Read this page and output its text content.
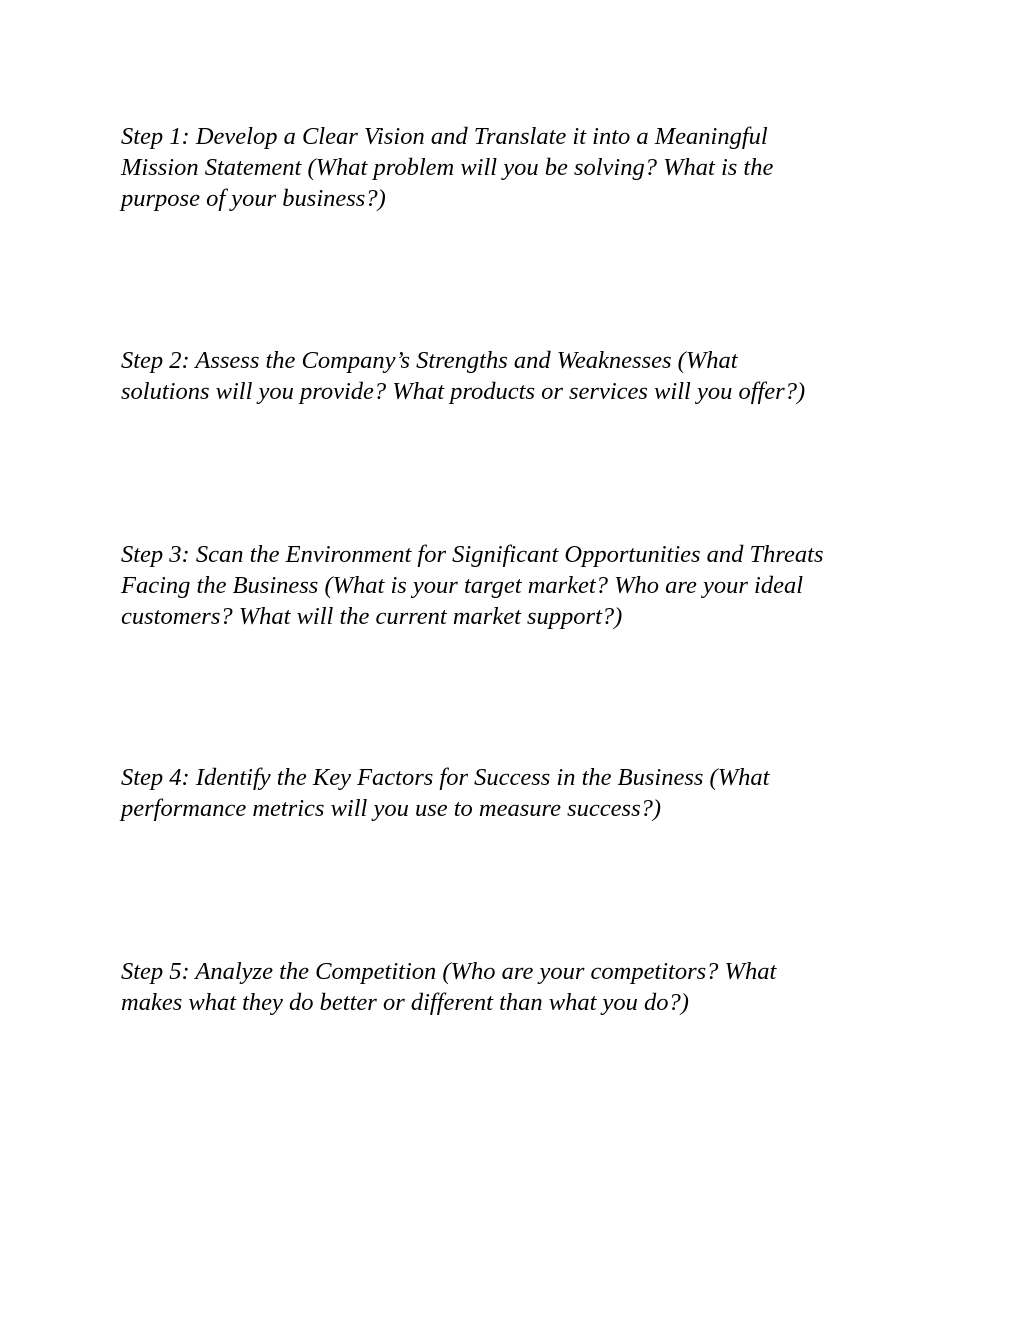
Step 1: Develop a Clear Vision and Translate it into a Meaningful
Mission Statement (What problem will you be solving? What is the
purpose of your business?)

Step 2: Assess the Company’s Strengths and Weaknesses (What
solutions will you provide? What products or services will you offer?)

Step 3: Scan the Environment for Significant Opportunities and Threats
Facing the Business (What is your target market? Who are your ideal
customers? What will the current market support?)

Step 4: Identify the Key Factors for Success in the Business (What
performance metrics will you use to measure success?)

Step 5: Analyze the Competition (Who are your competitors? What
makes what they do better or different than what you do?)
